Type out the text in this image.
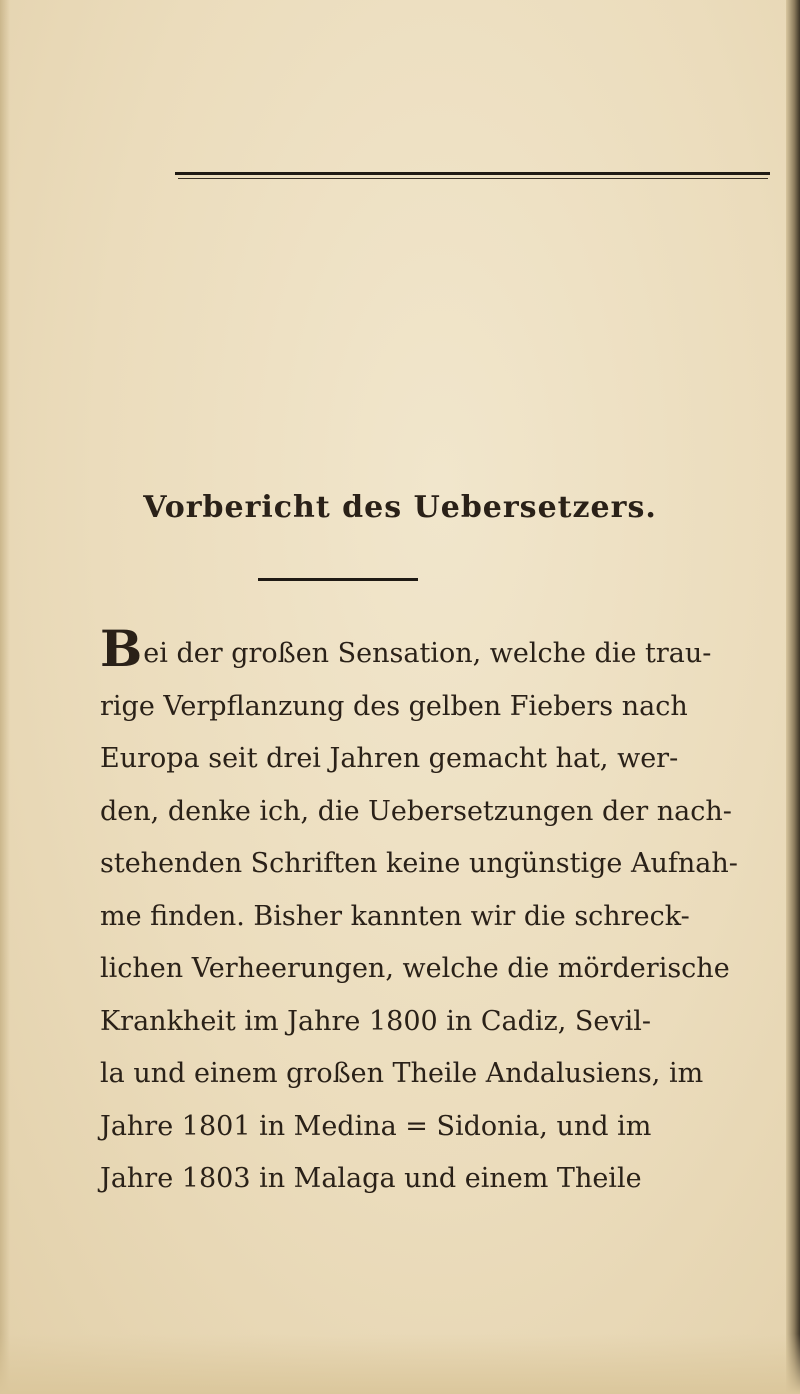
Vorbericht des Uebersetzers.
Bei der großen Sensation, welche die trau-
rige Verpflanzung des gelben Fiebers nach
Europa seit drei Jahren gemacht hat, wer-
den, denke ich, die Uebersetzungen der nach-
stehenden Schriften keine ungünstige Aufnah-
me finden. Bisher kannten wir die schreck-
lichen Verheerungen, welche die mörderische
Krankheit im Jahre 1800 in Cadiz, Sevil-
la und einem großen Theile Andalusiens, im
Jahre 1801 in Medina = Sidonia, und im
Jahre 1803 in Malaga und einem Theile
